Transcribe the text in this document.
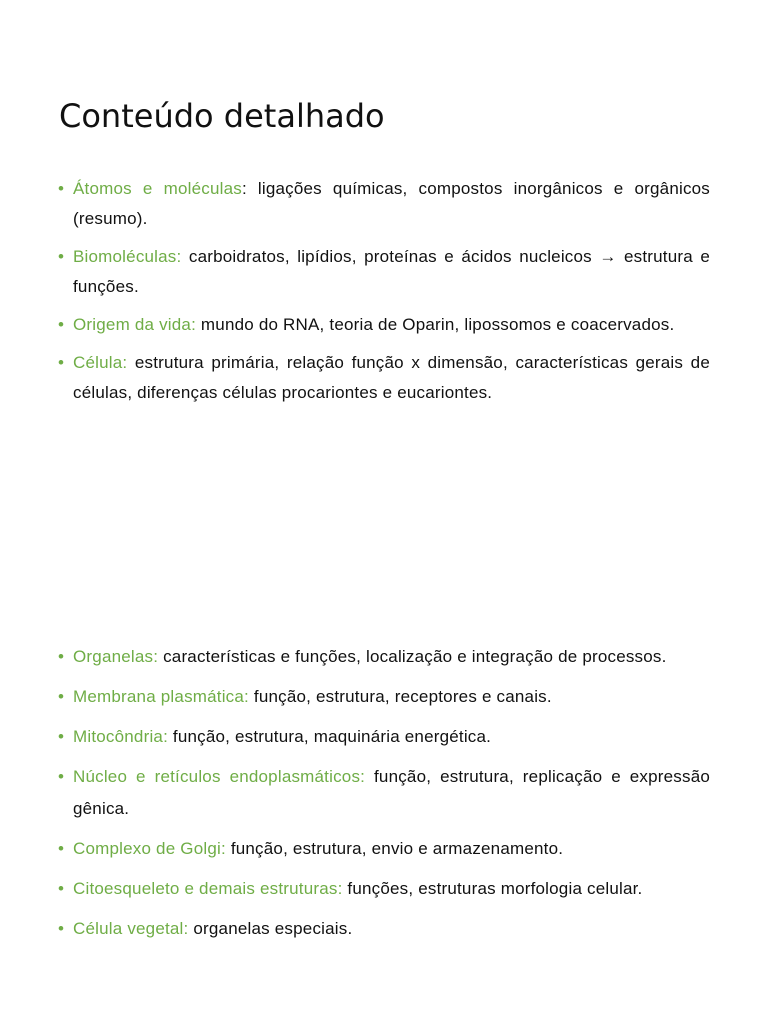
Conteúdo detalhado
• Átomos e moléculas: ligações químicas, compostos inorgânicos e orgânicos (resumo).
• Biomoléculas: carboidratos, lipídios, proteínas e ácidos nucleicos → estrutura e funções.
• Origem da vida: mundo do RNA, teoria de Oparin, lipossomos e coacervados.
• Célula: estrutura primária, relação função x dimensão, características gerais de células, diferenças células procariontes e eucariontes.
• Organelas: características e funções, localização e integração de processos.
• Membrana plasmática: função, estrutura, receptores e canais.
• Mitocôndria: função, estrutura, maquinária energética.
• Núcleo e retículos endoplasmáticos: função, estrutura, replicação e expressão gênica.
• Complexo de Golgi: função, estrutura, envio e armazenamento.
• Citoesqueleto e demais estruturas: funções, estruturas morfologia celular.
• Célula vegetal: organelas especiais.
